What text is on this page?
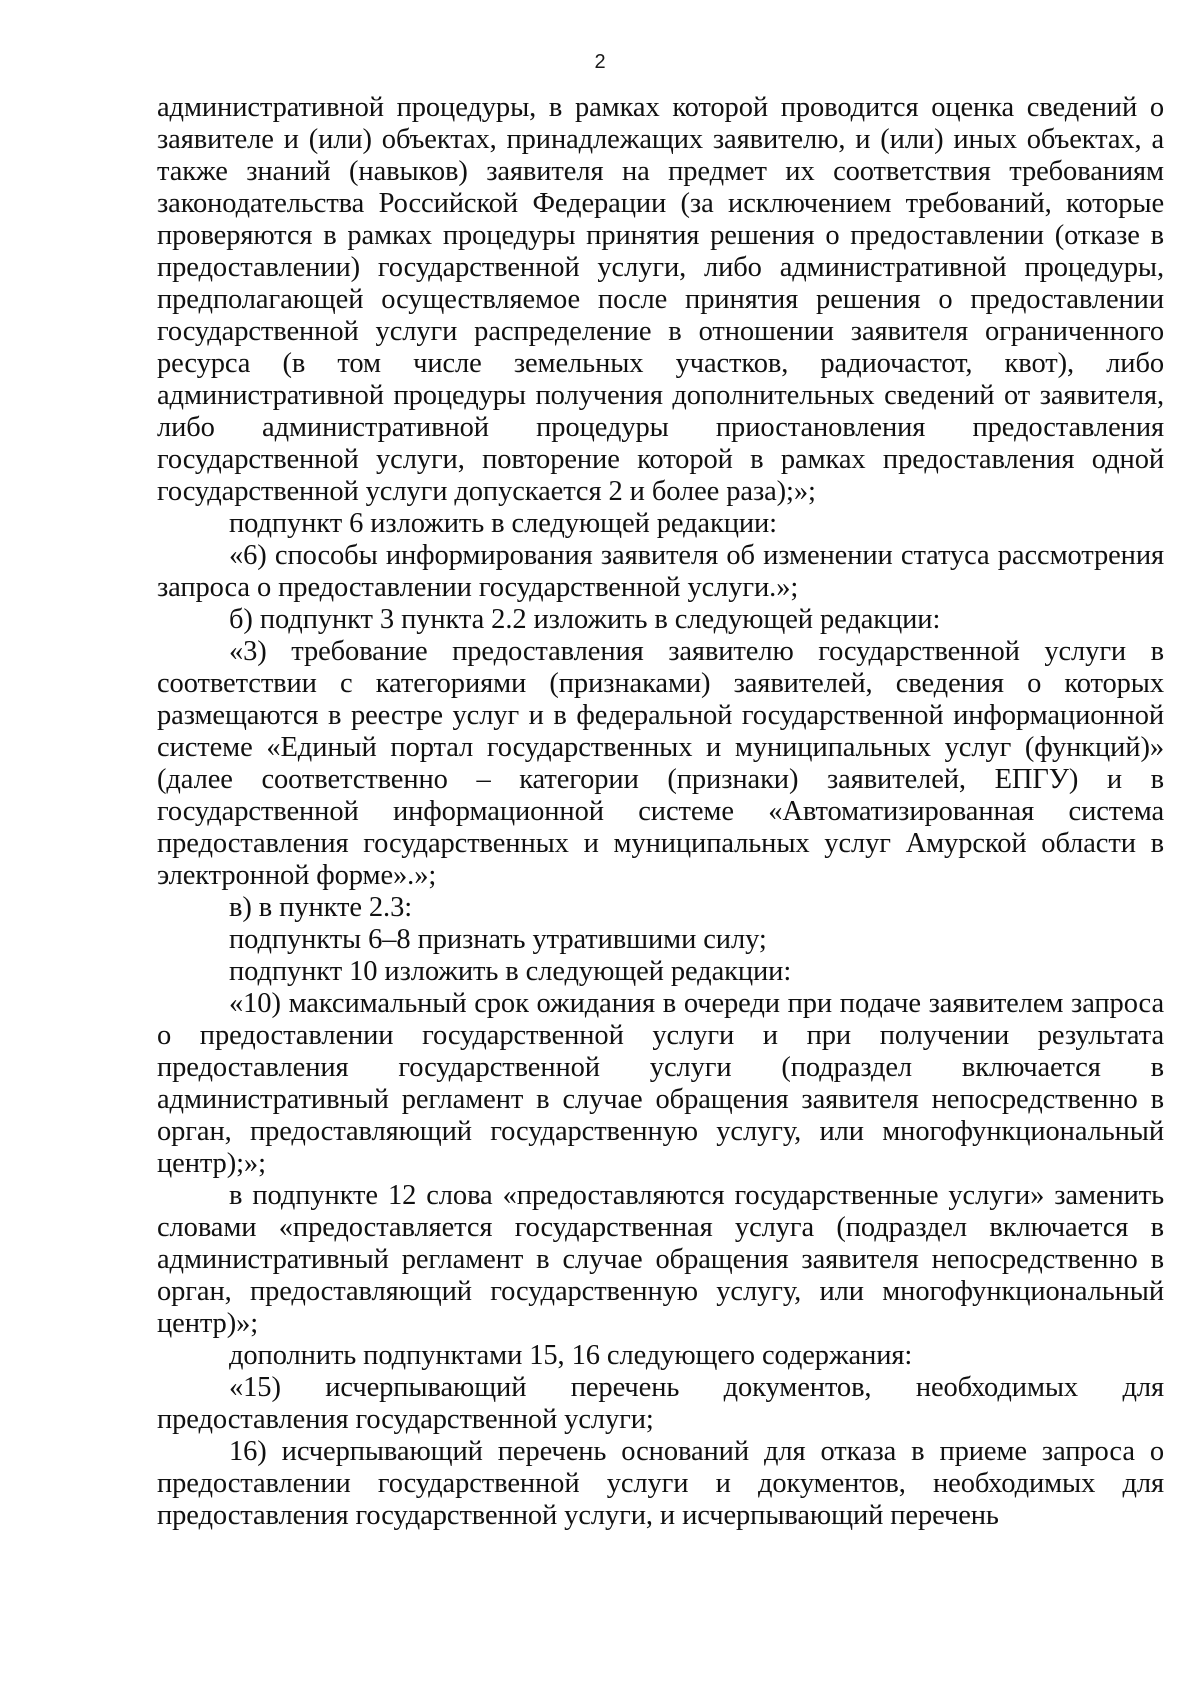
2

административной процедуры, в рамках которой проводится оценка сведений о заявителе и (или) объектах, принадлежащих заявителю, и (или) иных объектах, а также знаний (навыков) заявителя на предмет их соответствия требованиям законодательства Российской Федерации (за исключением требований, которые проверяются в рамках процедуры принятия решения о предоставлении (отказе в предоставлении) государственной услуги, либо административной процедуры, предполагающей осуществляемое после принятия решения о предоставлении государственной услуги распределение в отношении заявителя ограниченного ресурса (в том числе земельных участков, радиочастот, квот), либо административной процедуры получения дополнительных сведений от заявителя, либо административной процедуры приостановления предоставления государственной услуги, повторение которой в рамках предоставления одной государственной услуги допускается 2 и более раза);»;

подпункт 6 изложить в следующей редакции:

«6) способы информирования заявителя об изменении статуса рассмотрения запроса о предоставлении государственной услуги.»;

б) подпункт 3 пункта 2.2 изложить в следующей редакции:

«3) требование предоставления заявителю государственной услуги в соответствии с категориями (признаками) заявителей, сведения о которых размещаются в реестре услуг и в федеральной государственной информационной системе «Единый портал государственных и муниципальных услуг (функций)» (далее соответственно – категории (признаки) заявителей, ЕПГУ) и в государственной информационной системе «Автоматизированная система предоставления государственных и муниципальных услуг Амурской области в электронной форме».»;

в) в пункте 2.3:

подпункты 6–8 признать утратившими силу;

подпункт 10 изложить в следующей редакции:

«10) максимальный срок ожидания в очереди при подаче заявителем запроса о предоставлении государственной услуги и при получении результата предоставления государственной услуги (подраздел включается в административный регламент в случае обращения заявителя непосредственно в орган, предоставляющий государственную услугу, или многофункциональный центр);»;

в подпункте 12 слова «предоставляются государственные услуги» заменить словами «предоставляется государственная услуга (подраздел включается в административный регламент в случае обращения заявителя непосредственно в орган, предоставляющий государственную услугу, или многофункциональный центр)»;

дополнить подпунктами 15, 16 следующего содержания:

«15) исчерпывающий перечень документов, необходимых для предоставления государственной услуги;

16) исчерпывающий перечень оснований для отказа в приеме запроса о предоставлении государственной услуги и документов, необходимых для предоставления государственной услуги, и исчерпывающий перечень
